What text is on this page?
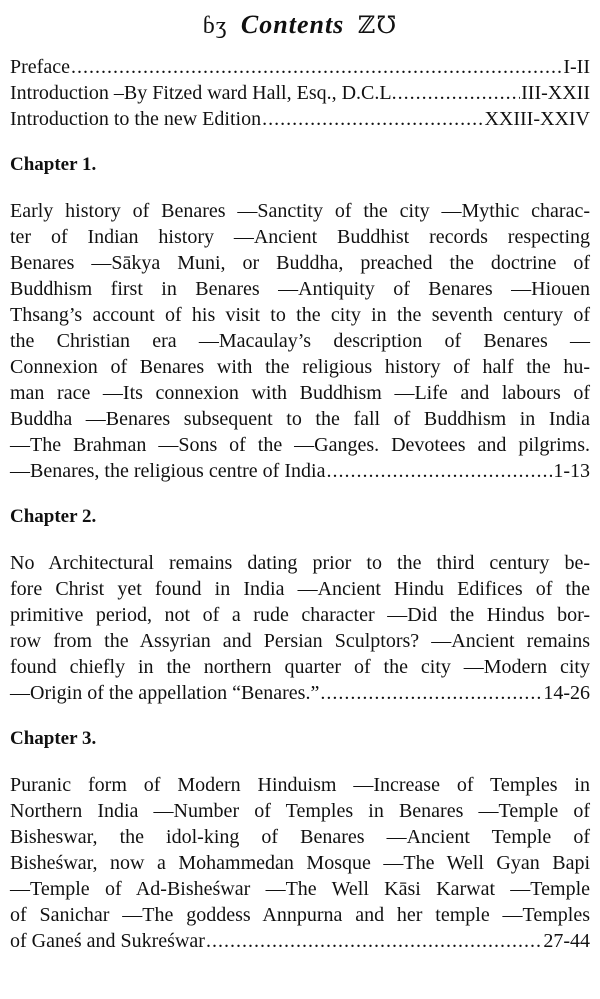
ɓʒ Contents ℤ℧
Preface .....	I-II
Introduction –By Fitzed ward Hall, Esq., D.C.L. .....	III-XXII
Introduction to the new Edition .....	XXIII-XXIV
Chapter 1.
Early history of Benares —Sanctity of the city —Mythic charac-
ter of Indian history —Ancient Buddhist records respecting
Benares —Sākya Muni, or Buddha, preached the doctrine of
Buddhism first in Benares —Antiquity of Benares —Hiouen
Thsang’s account of his visit to the city in the seventh century of
the Christian era —Macaulay’s description of Benares —
Connexion of Benares with the religious history of half the hu-
man race —Its connexion with Buddhism —Life and labours of
Buddha —Benares subsequent to the fall of Buddhism in India
—The Brahman —Sons of the —Ganges. Devotees and pilgrims.
—Benares, the religious centre of India .....	1-13
Chapter 2.
No Architectural remains dating prior to the third century be-
fore Christ yet found in India —Ancient Hindu Edifices of the
primitive period, not of a rude character —Did the Hindus bor-
row from the Assyrian and Persian Sculptors? —Ancient remains
found chiefly in the northern quarter of the city —Modern city
—Origin of the appellation “Benares.” .....	14-26
Chapter 3.
Puranic form of Modern Hinduism —Increase of Temples in
Northern India —Number of Temples in Benares —Temple of
Bisheswar, the idol-king of Benares —Ancient Temple of
Bisheśwar, now a Mohammedan Mosque —The Well Gyan Bapi
—Temple of Ad-Bisheśwar —The Well Kāsi Karwat —Temple
of Sanichar —The goddess Annpurna and her temple —Temples
of Ganeś and Sukreśwar .....	27-44
